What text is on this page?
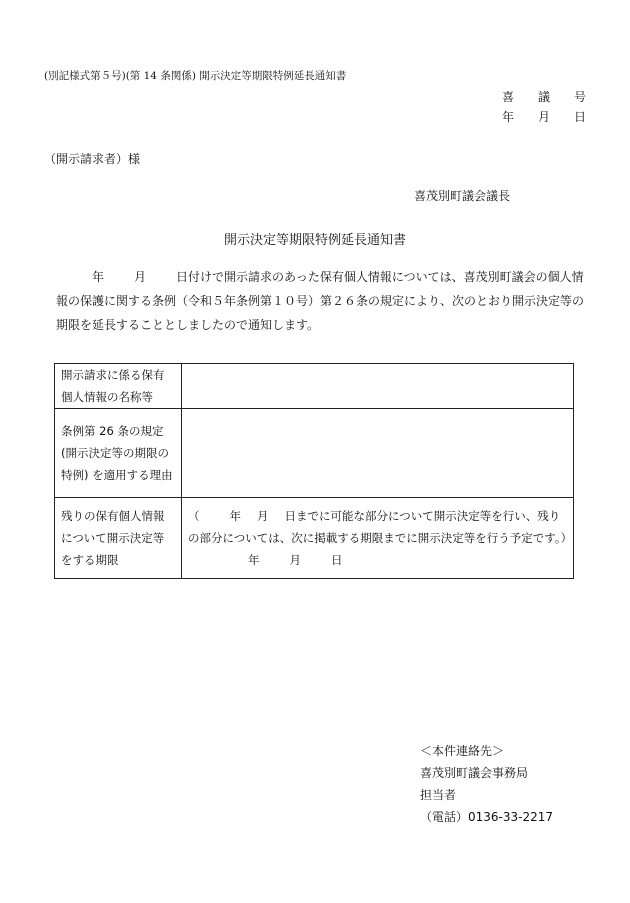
(別記様式第５号)(第 14 条関係) 開示決定等期限特例延長通知書
喜 議 号
年 月 日
（開示請求者）様
喜茂別町議会議長
開示決定等期限特例延長通知書

年	月	日付けで開示請求のあった保有個人情報については、喜茂別町議会の個人情報の保護に関する条例（令和５年条例第１０号）第２６条の規定により、次のとおり開示決定等の期限を延長することとしましたので通知します。

開示請求に係る保有個人情報の名称等	
条例第 26 条の規定(開示決定等の期限の特例) を適用する理由	
残りの保有個人情報について開示決定等をする期限	（ 年 月 日までに可能な部分について開示決定等を行い、残りの部分については、次に掲載する期限までに開示決定等を行う予定です。）
年 月 日
＜本件連絡先＞
喜茂別町議会事務局
担当者
（電話）0136-33-2217
